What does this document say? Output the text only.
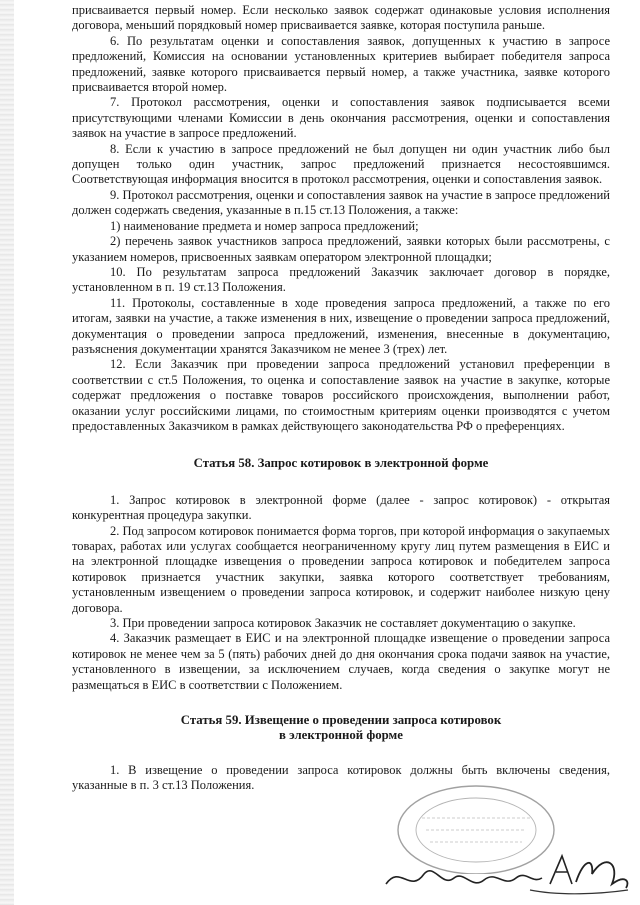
присваивается первый номер. Если несколько заявок содержат одинаковые условия исполнения договора, меньший порядковый номер присваивается заявке, которая поступила раньше.

6. По результатам оценки и сопоставления заявок, допущенных к участию в запросе предложений, Комиссия на основании установленных критериев выбирает победителя запроса предложений, заявке которого присваивается первый номер, а также участника, заявке которого присваивается второй номер.

7. Протокол рассмотрения, оценки и сопоставления заявок подписывается всеми присутствующими членами Комиссии в день окончания рассмотрения, оценки и сопоставления заявок на участие в запросе предложений.

8. Если к участию в запросе предложений не был допущен ни один участник либо был допущен только один участник, запрос предложений признается несостоявшимся. Соответствующая информация вносится в протокол рассмотрения, оценки и сопоставления заявок.

9. Протокол рассмотрения, оценки и сопоставления заявок на участие в запросе предложений должен содержать сведения, указанные в п.15 ст.13 Положения, а также:

1) наименование предмета и номер запроса предложений;

2) перечень заявок участников запроса предложений, заявки которых были рассмотрены, с указанием номеров, присвоенных заявкам оператором электронной площадки;

10. По результатам запроса предложений Заказчик заключает договор в порядке, установленном в п. 19 ст.13 Положения.

11. Протоколы, составленные в ходе проведения запроса предложений, а также по его итогам, заявки на участие, а также изменения в них, извещение о проведении запроса предложений, документация о проведении запроса предложений, изменения, внесенные в документацию, разъяснения документации хранятся Заказчиком не менее 3 (трех) лет.

12. Если Заказчик при проведении запроса предложений установил преференции в соответствии с ст.5 Положения, то оценка и сопоставление заявок на участие в закупке, которые содержат предложения о поставке товаров российского происхождения, выполнении работ, оказании услуг российскими лицами, по стоимостным критериям оценки производятся с учетом предоставленных Заказчиком в рамках действующего законодательства РФ о преференциях.

Статья 58. Запрос котировок в электронной форме

1. Запрос котировок в электронной форме (далее - запрос котировок) - открытая конкурентная процедура закупки.

2. Под запросом котировок понимается форма торгов, при которой информация о закупаемых товарах, работах или услугах сообщается неограниченному кругу лиц путем размещения в ЕИС и на электронной площадке извещения о проведении запроса котировок и победителем запроса котировок признается участник закупки, заявка которого соответствует требованиям, установленным извещением о проведении запроса котировок, и содержит наиболее низкую цену договора.

3. При проведении запроса котировок Заказчик не составляет документацию о закупке.

4. Заказчик размещает в ЕИС и на электронной площадке извещение о проведении запроса котировок не менее чем за 5 (пять) рабочих дней до дня окончания срока подачи заявок на участие, установленного в извещении, за исключением случаев, когда сведения о закупке могут не размещаться в ЕИС в соответствии с Положением.

Статья 59. Извещение о проведении запроса котировок
в электронной форме

1. В извещение о проведении запроса котировок должны быть включены сведения, указанные в п. 3 ст.13 Положения.
